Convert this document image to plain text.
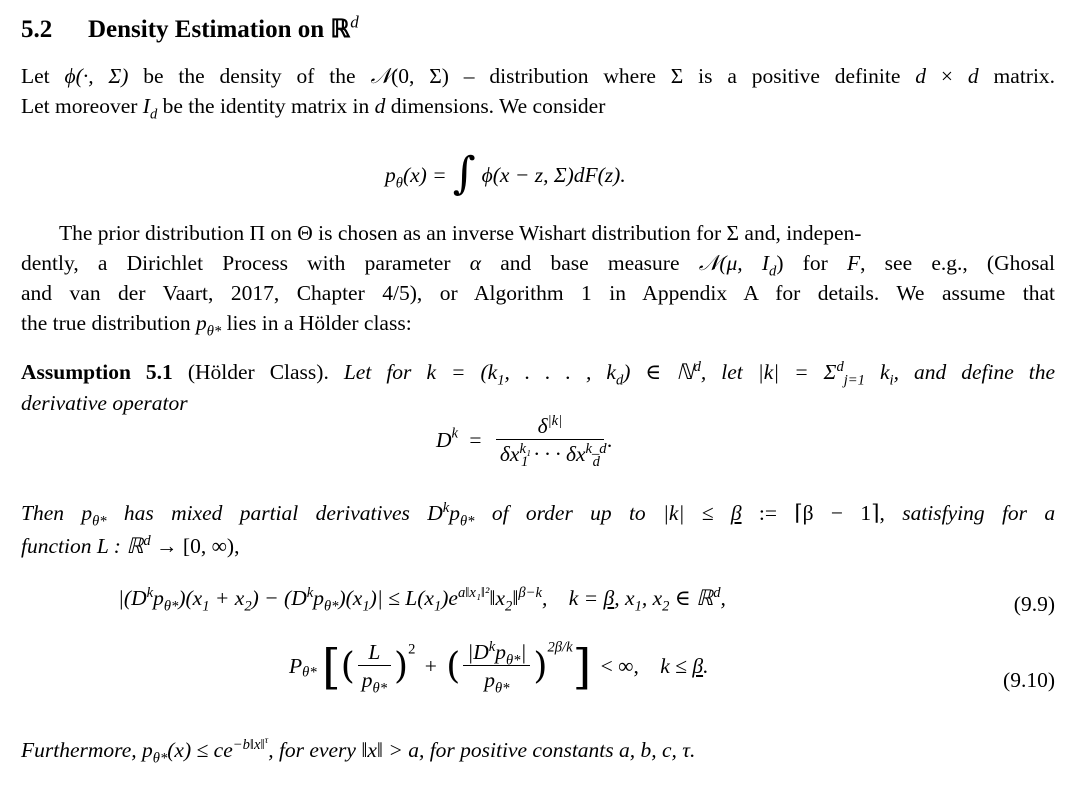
5.2 Density Estimation on ℝ$^d$
Let ϕ(·, Σ) be the density of the 𝒩(0, Σ) – distribution where Σ is a positive definite d × d matrix.
Let moreover $I_d$ be the identity matrix in d dimensions. We consider
$p_\theta(x)$ = ∫ ϕ(x − z, Σ)dF(z).
The prior distribution Π on Θ is chosen as an inverse Wishart distribution for Σ and, indepen-
dently, a Dirichlet Process with parameter α and base measure 𝒩(μ, $I_d$) for F, see e.g., (Ghosal
and van der Vaart, 2017, Chapter 4/5), or Algorithm 1 in Appendix A for details. We assume that
the true distribution $p_{\theta*}$ lies in a Hölder class:
Assumption 5.1 (Hölder Class). Let for $k = (k_1$, . . . , $k_d$) ∈ ℕ$^d$, let $|k| = \Sigma^d_{j=1}$ $k_i$, and define the
derivative operator
$D^k = \frac{\delta^{|k|}}{\delta x^{k_1}_1 \cdot \cdot \cdot \delta x^{k\_d}_d}$ .
Then $p_{\theta*}$ has mixed partial derivatives $D^kp_{\theta*}$ of order up to |k| ≤ β := ⌈β − 1⌉, satisfying for a
function L : ℝ$^d$ → [0, ∞),
$|(D^kp_{\theta*})(x_1 + x_2) - (D^kp_{\theta*})(x_1)|$ ≤ $L(x_1)e^{a‖x_1‖^2}‖x_2‖^{\beta-k}$, k = β, $x_1$, $x_2$ ∈ ℝ$^d$,	(9.9)
$P_{\theta*}$ [( $\frac{L}{p_{\theta*}} )^2$ + ( $\frac{|D^kp_{\theta*}|}{p_{\theta*}} )^{2\beta/k}$] < ∞, k ≤ β.
(9.10)
Furthermore, $p_{\theta*}(x) \le ce^{-b‖x‖^\tau}$, for every ‖x‖ > a, for positive constants a, b, c, τ.
